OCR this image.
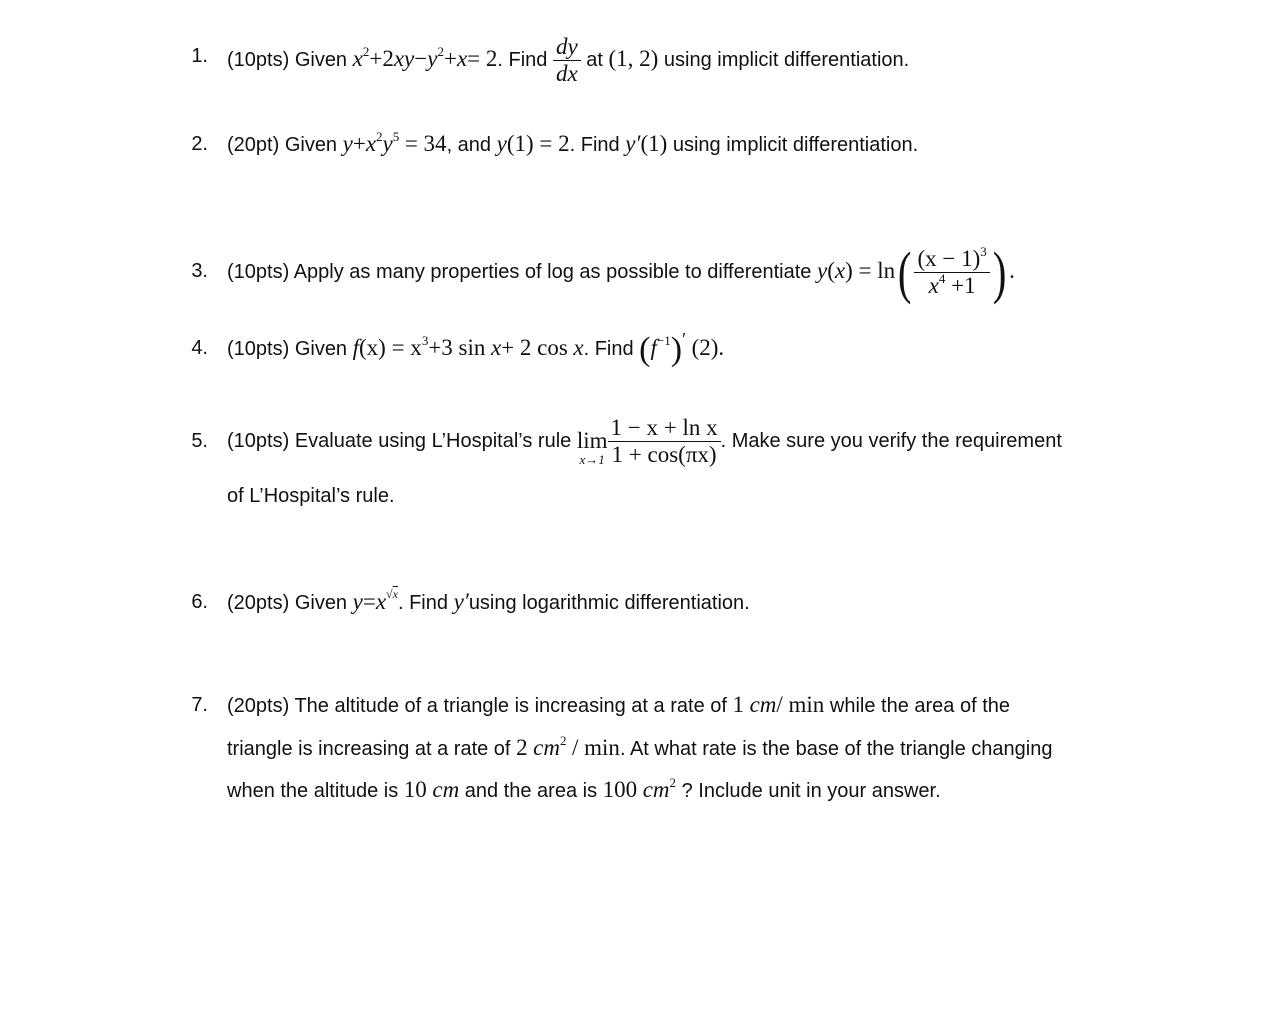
1. (10pts) Given $x^2+2xy-y^2+x= 2$. Find $\frac{dy}{dx}$ at (1, 2) using implicit differentiation.
2. (20pt) Given $y+x^2y^5 = 34$, and y(1) = 2. Find y′(1) using implicit differentiation.
3. (10pts) Apply as many properties of log as possible to differentiate $y(x) = \ln( \frac{(x - 1)^3}{x^4 +1}$ ) .
4. (10pts) Given $f(x) = x^3+3$ sin x+ 2 cos x. Find $(f^{-1})'$ (2).
5. (10pts) Evaluate using L’Hospital’s rule lim
$x\to 1 \frac{\text{1 − x + ln x}}{1 + \cos(\pi x)}$ . Make sure you verify the requirement
of L’Hospital’s rule.
6. (20pts) Given y=x√x. Find y′using logarithmic differentiation.
7. (20pts) The altitude of a triangle is increasing at a rate of 1 cm/ min while the area of the
triangle is increasing at a rate of 2 $cm^2$ / min. At what rate is the base of the triangle changing
when the altitude is 10 cm and the area is 100 $cm^2$ ? Include unit in your answer.
